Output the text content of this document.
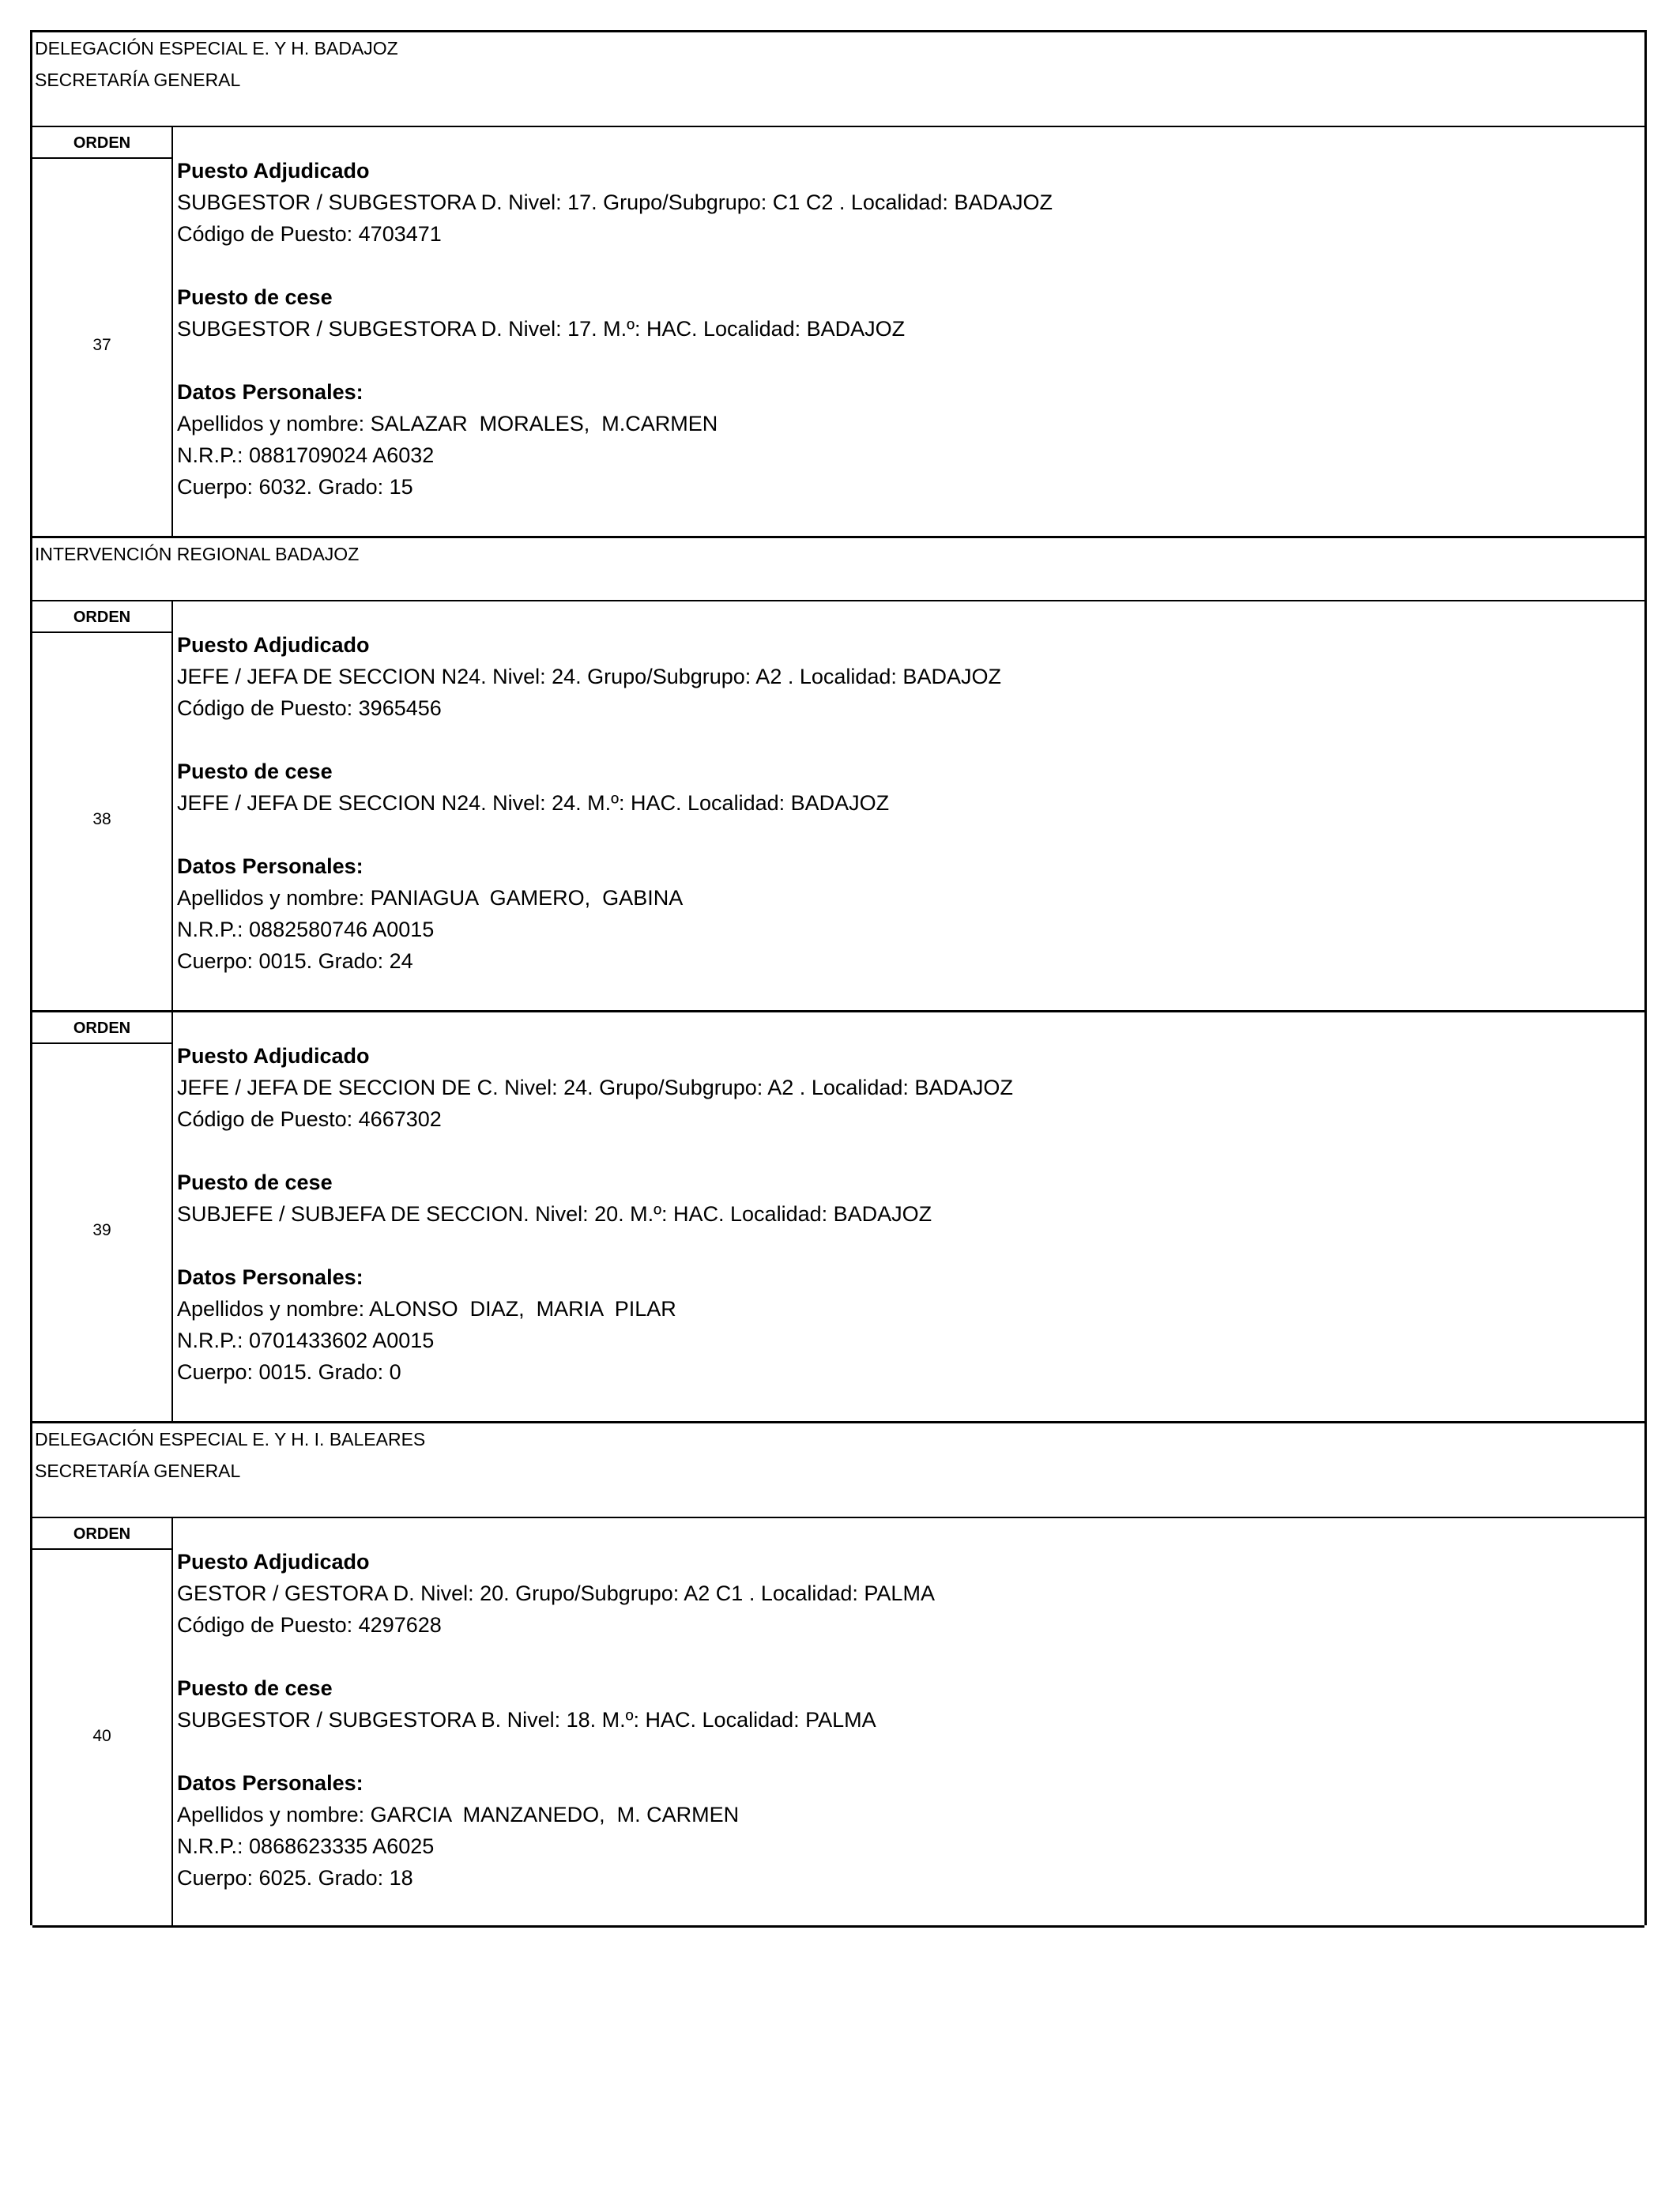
DELEGACIÓN ESPECIAL E. Y H. BADAJOZ
SECRETARÍA GENERAL
ORDEN
37
Puesto Adjudicado
SUBGESTOR / SUBGESTORA D. Nivel: 17. Grupo/Subgrupo: C1 C2 . Localidad: BADAJOZ
Código de Puesto: 4703471
Puesto de cese
SUBGESTOR / SUBGESTORA D. Nivel: 17. M.º: HAC. Localidad: BADAJOZ
Datos Personales:
Apellidos y nombre: SALAZAR  MORALES,  M.CARMEN
N.R.P.: 0881709024 A6032
Cuerpo: 6032. Grado: 15
INTERVENCIÓN REGIONAL BADAJOZ
ORDEN
38
Puesto Adjudicado
JEFE / JEFA DE SECCION N24. Nivel: 24. Grupo/Subgrupo: A2 . Localidad: BADAJOZ
Código de Puesto: 3965456
Puesto de cese
JEFE / JEFA DE SECCION N24. Nivel: 24. M.º: HAC. Localidad: BADAJOZ
Datos Personales:
Apellidos y nombre: PANIAGUA  GAMERO,  GABINA
N.R.P.: 0882580746 A0015
Cuerpo: 0015. Grado: 24
ORDEN
39
Puesto Adjudicado
JEFE / JEFA DE SECCION DE C. Nivel: 24. Grupo/Subgrupo: A2 . Localidad: BADAJOZ
Código de Puesto: 4667302
Puesto de cese
SUBJEFE / SUBJEFA DE SECCION. Nivel: 20. M.º: HAC. Localidad: BADAJOZ
Datos Personales:
Apellidos y nombre: ALONSO  DIAZ,  MARIA  PILAR
N.R.P.: 0701433602 A0015
Cuerpo: 0015. Grado: 0
DELEGACIÓN ESPECIAL E. Y H. I. BALEARES
SECRETARÍA GENERAL
ORDEN
40
Puesto Adjudicado
GESTOR / GESTORA D. Nivel: 20. Grupo/Subgrupo: A2 C1 . Localidad: PALMA
Código de Puesto: 4297628
Puesto de cese
SUBGESTOR / SUBGESTORA B. Nivel: 18. M.º: HAC. Localidad: PALMA
Datos Personales:
Apellidos y nombre: GARCIA  MANZANEDO,  M. CARMEN
N.R.P.: 0868623335 A6025
Cuerpo: 6025. Grado: 18
